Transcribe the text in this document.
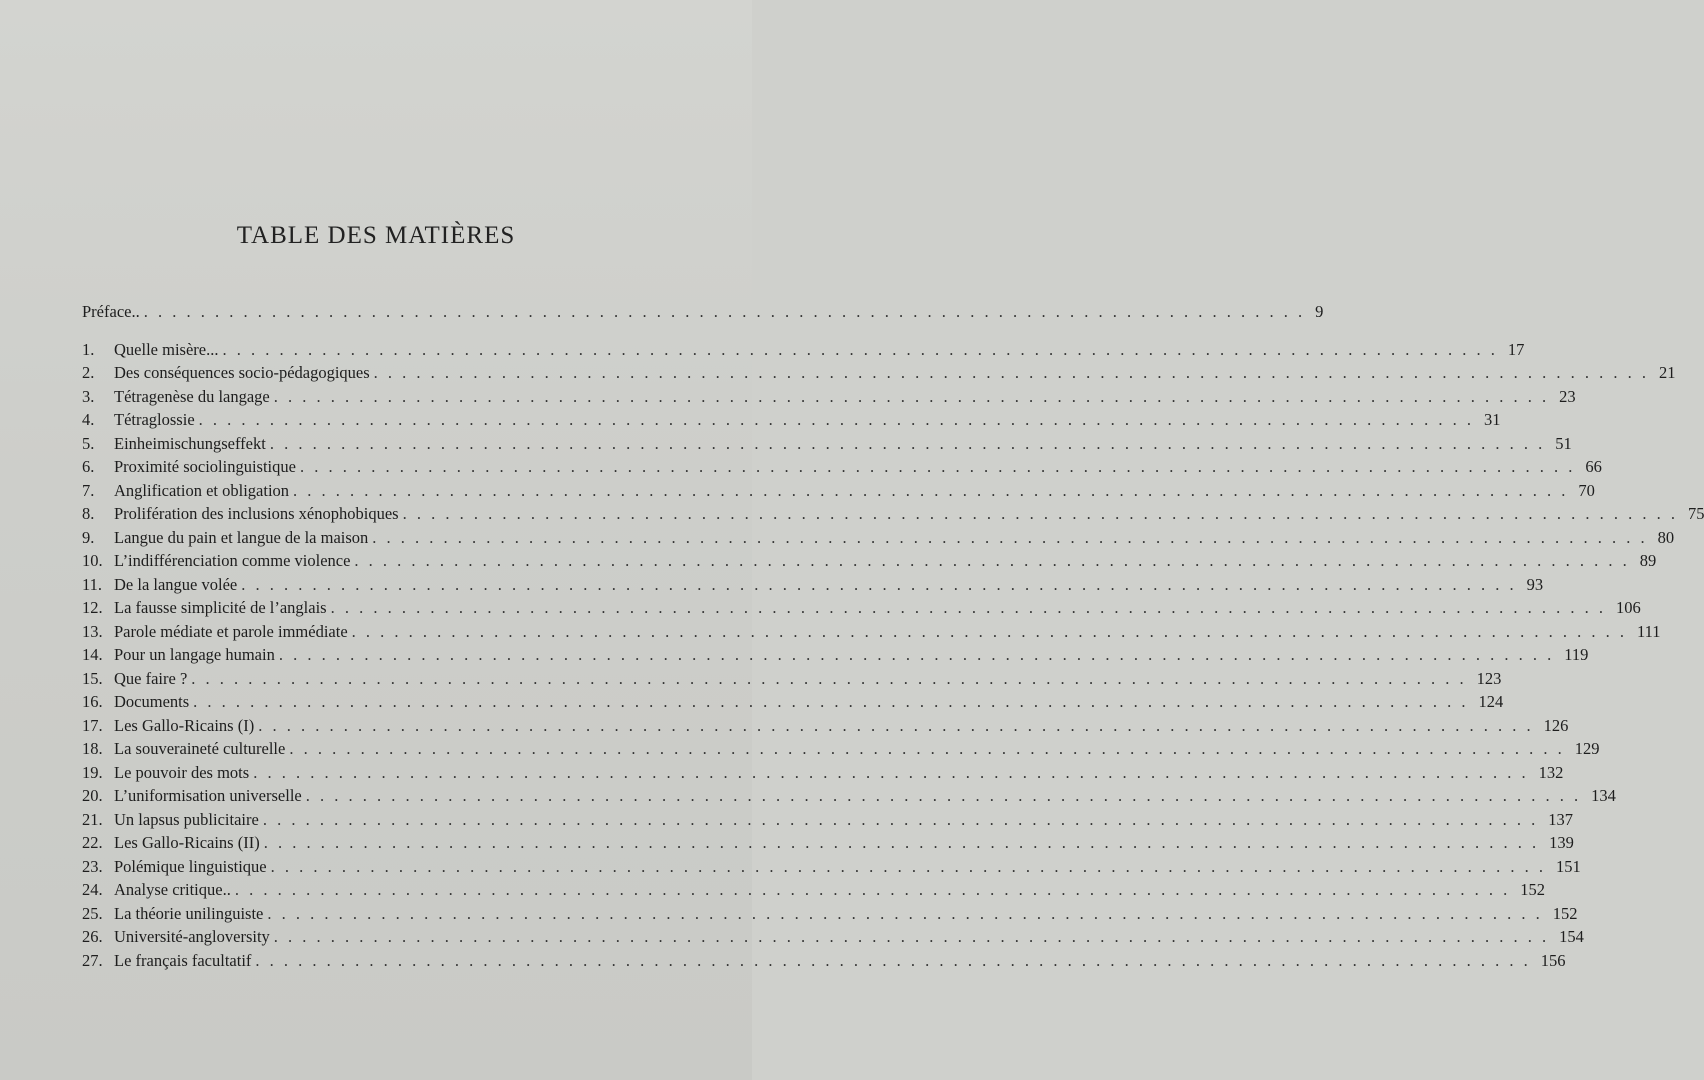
TABLE DES MATIÈRES
Préface.. . . . . . . . . . . . . . . . . . . . . . . . . . . . . . . . . . . . . . . . . . . . . . . . . . . . . . . . . . . . . . . . . . . . . . . . . . . . . . . . . . . 9
1. Quelle misère... . . . . . . . . . . . . . . . . . . . . . . . . . . . . . . . . . . . . . . . . . . . . . . . . . . . . . . . . . . . . . . . . . . . . . . . . . . . . . . . . . . . . . . . . . . 17
2. Des conséquences socio-pédagogiques . . . . . . . . . . . . . . . . . . . . . . . . . . . . . . . . . . . . . . . . . . . . . . . . . . . . . . . . . . . . . . . . . . . . . . . . . . . . . . . . . . . . . . . . . . 21
3. Tétragenèse du langage . . . . . . . . . . . . . . . . . . . . . . . . . . . . . . . . . . . . . . . . . . . . . . . . . . . . . . . . . . . . . . . . . . . . . . . . . . . . . . . . . . . . . . . . . . 23
4. Tétraglossie . . . . . . . . . . . . . . . . . . . . . . . . . . . . . . . . . . . . . . . . . . . . . . . . . . . . . . . . . . . . . . . . . . . . . . . . . . . . . . . . . . . . . . . . . . 31
5. Einheimischungseffekt . . . . . . . . . . . . . . . . . . . . . . . . . . . . . . . . . . . . . . . . . . . . . . . . . . . . . . . . . . . . . . . . . . . . . . . . . . . . . . . . . . . . . . . . . . 51
6. Proximité sociolinguistique . . . . . . . . . . . . . . . . . . . . . . . . . . . . . . . . . . . . . . . . . . . . . . . . . . . . . . . . . . . . . . . . . . . . . . . . . . . . . . . . . . . . . . . . . . 66
7. Anglification et obligation . . . . . . . . . . . . . . . . . . . . . . . . . . . . . . . . . . . . . . . . . . . . . . . . . . . . . . . . . . . . . . . . . . . . . . . . . . . . . . . . . . . . . . . . . . 70
8. Prolifération des inclusions xénophobiques . . . . . . . . . . . . . . . . . . . . . . . . . . . . . . . . . . . . . . . . . . . . . . . . . . . . . . . . . . . . . . . . . . . . . . . . . . . . . . . . . . . . . . . . . . 75
9. Langue du pain et langue de la maison . . . . . . . . . . . . . . . . . . . . . . . . . . . . . . . . . . . . . . . . . . . . . . . . . . . . . . . . . . . . . . . . . . . . . . . . . . . . . . . . . . . . . . . . . . 80
10. L’indifférenciation comme violence . . . . . . . . . . . . . . . . . . . . . . . . . . . . . . . . . . . . . . . . . . . . . . . . . . . . . . . . . . . . . . . . . . . . . . . . . . . . . . . . . . . . . . . . . . 89
11. De la langue volée . . . . . . . . . . . . . . . . . . . . . . . . . . . . . . . . . . . . . . . . . . . . . . . . . . . . . . . . . . . . . . . . . . . . . . . . . . . . . . . . . . . . . . . . . . 93
12. La fausse simplicité de l’anglais . . . . . . . . . . . . . . . . . . . . . . . . . . . . . . . . . . . . . . . . . . . . . . . . . . . . . . . . . . . . . . . . . . . . . . . . . . . . . . . . . . . . . . . . . . 106
13. Parole médiate et parole immédiate . . . . . . . . . . . . . . . . . . . . . . . . . . . . . . . . . . . . . . . . . . . . . . . . . . . . . . . . . . . . . . . . . . . . . . . . . . . . . . . . . . . . . . . . . . 111
14. Pour un langage humain . . . . . . . . . . . . . . . . . . . . . . . . . . . . . . . . . . . . . . . . . . . . . . . . . . . . . . . . . . . . . . . . . . . . . . . . . . . . . . . . . . . . . . . . . . 119
15. Que faire ? . . . . . . . . . . . . . . . . . . . . . . . . . . . . . . . . . . . . . . . . . . . . . . . . . . . . . . . . . . . . . . . . . . . . . . . . . . . . . . . . . . . . . . . . . . 123
16. Documents . . . . . . . . . . . . . . . . . . . . . . . . . . . . . . . . . . . . . . . . . . . . . . . . . . . . . . . . . . . . . . . . . . . . . . . . . . . . . . . . . . . . . . . . . . 124
17. Les Gallo-Ricains (I) . . . . . . . . . . . . . . . . . . . . . . . . . . . . . . . . . . . . . . . . . . . . . . . . . . . . . . . . . . . . . . . . . . . . . . . . . . . . . . . . . . . . . . . . . . 126
18. La souveraineté culturelle . . . . . . . . . . . . . . . . . . . . . . . . . . . . . . . . . . . . . . . . . . . . . . . . . . . . . . . . . . . . . . . . . . . . . . . . . . . . . . . . . . . . . . . . . . 129
19. Le pouvoir des mots . . . . . . . . . . . . . . . . . . . . . . . . . . . . . . . . . . . . . . . . . . . . . . . . . . . . . . . . . . . . . . . . . . . . . . . . . . . . . . . . . . . . . . . . . . 132
20. L’uniformisation universelle . . . . . . . . . . . . . . . . . . . . . . . . . . . . . . . . . . . . . . . . . . . . . . . . . . . . . . . . . . . . . . . . . . . . . . . . . . . . . . . . . . . . . . . . . . 134
21. Un lapsus publicitaire . . . . . . . . . . . . . . . . . . . . . . . . . . . . . . . . . . . . . . . . . . . . . . . . . . . . . . . . . . . . . . . . . . . . . . . . . . . . . . . . . . . . . . . . . . 137
22. Les Gallo-Ricains (II) . . . . . . . . . . . . . . . . . . . . . . . . . . . . . . . . . . . . . . . . . . . . . . . . . . . . . . . . . . . . . . . . . . . . . . . . . . . . . . . . . . . . . . . . . . 139
23. Polémique linguistique . . . . . . . . . . . . . . . . . . . . . . . . . . . . . . . . . . . . . . . . . . . . . . . . . . . . . . . . . . . . . . . . . . . . . . . . . . . . . . . . . . . . . . . . . . 151
24. Analyse critique.. . . . . . . . . . . . . . . . . . . . . . . . . . . . . . . . . . . . . . . . . . . . . . . . . . . . . . . . . . . . . . . . . . . . . . . . . . . . . . . . . . . . . . . . . . . 152
25. La théorie unilinguiste . . . . . . . . . . . . . . . . . . . . . . . . . . . . . . . . . . . . . . . . . . . . . . . . . . . . . . . . . . . . . . . . . . . . . . . . . . . . . . . . . . . . . . . . . . 152
26. Université-angloversity . . . . . . . . . . . . . . . . . . . . . . . . . . . . . . . . . . . . . . . . . . . . . . . . . . . . . . . . . . . . . . . . . . . . . . . . . . . . . . . . . . . . . . . . . . 154
27. Le français facultatif . . . . . . . . . . . . . . . . . . . . . . . . . . . . . . . . . . . . . . . . . . . . . . . . . . . . . . . . . . . . . . . . . . . . . . . . . . . . . . . . . . . . . . . . . . 156
